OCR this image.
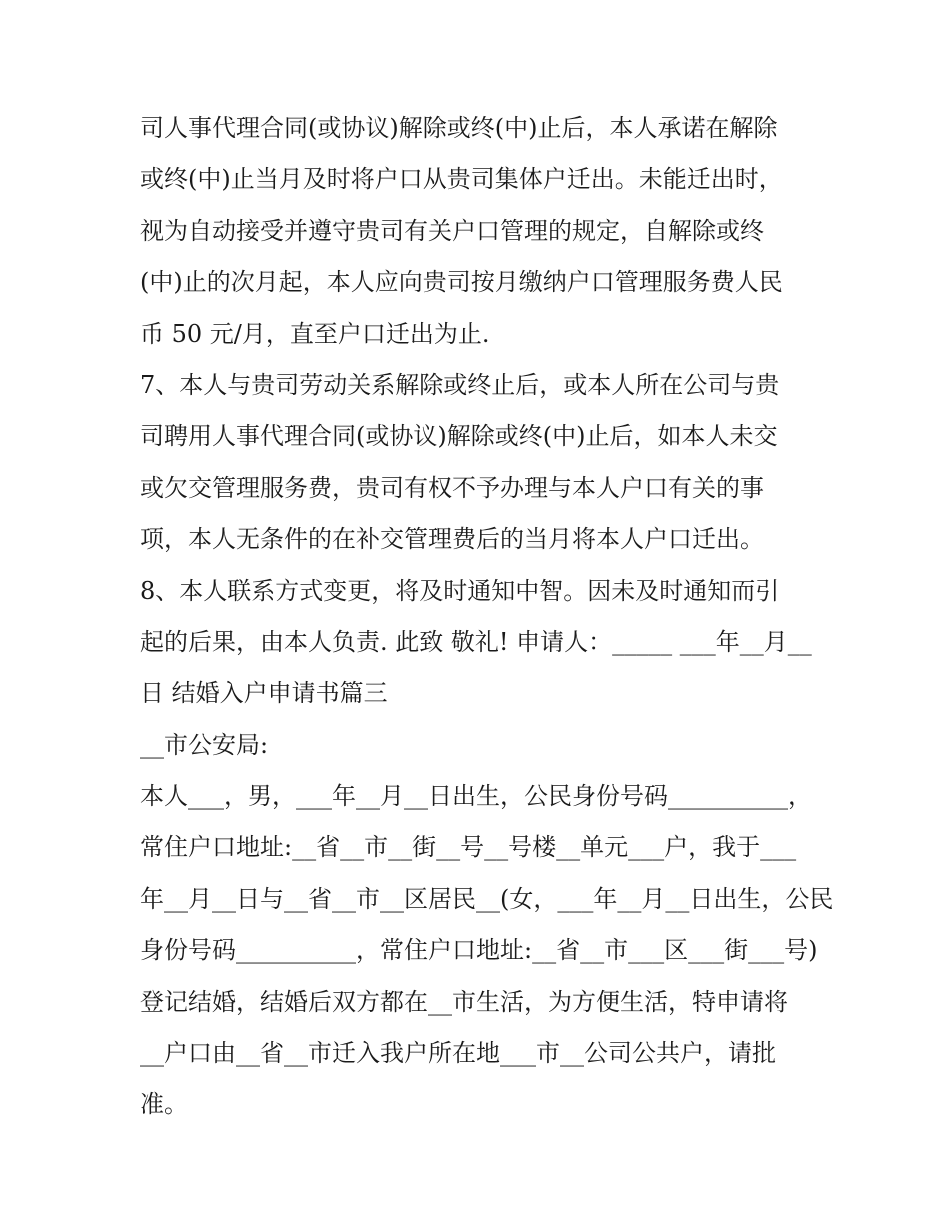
司人事代理合同(或协议)解除或终(中)止后，本人承诺在解除
或终(中)止当月及时将户口从贵司集体户迁出。未能迁出时，
视为自动接受并遵守贵司有关户口管理的规定，自解除或终
(中)止的次月起，本人应向贵司按月缴纳户口管理服务费人民
币 50 元/月，直至户口迁出为止.
7、本人与贵司劳动关系解除或终止后，或本人所在公司与贵
司聘用人事代理合同(或协议)解除或终(中)止后，如本人未交
或欠交管理服务费，贵司有权不予办理与本人户口有关的事
项，本人无条件的在补交管理费后的当月将本人户口迁出。
8、本人联系方式变更，将及时通知中智。因未及时通知而引
起的后果，由本人负责. 此致 敬礼! 申请人：_____ ___年__月__
日 结婚入户申请书篇三
__市公安局:
本人___，男，___年__月__日出生，公民身份号码__________，
常住户口地址:__省__市__街__号__号楼__单元___户，我于___
年__月__日与__省__市__区居民__(女，___年__月__日出生，公民
身份号码__________，常住户口地址:__省__市___区___街___号)
登记结婚，结婚后双方都在__市生活，为方便生活，特申请将
__户口由__省__市迁入我户所在地___市__公司公共户，请批
准。
